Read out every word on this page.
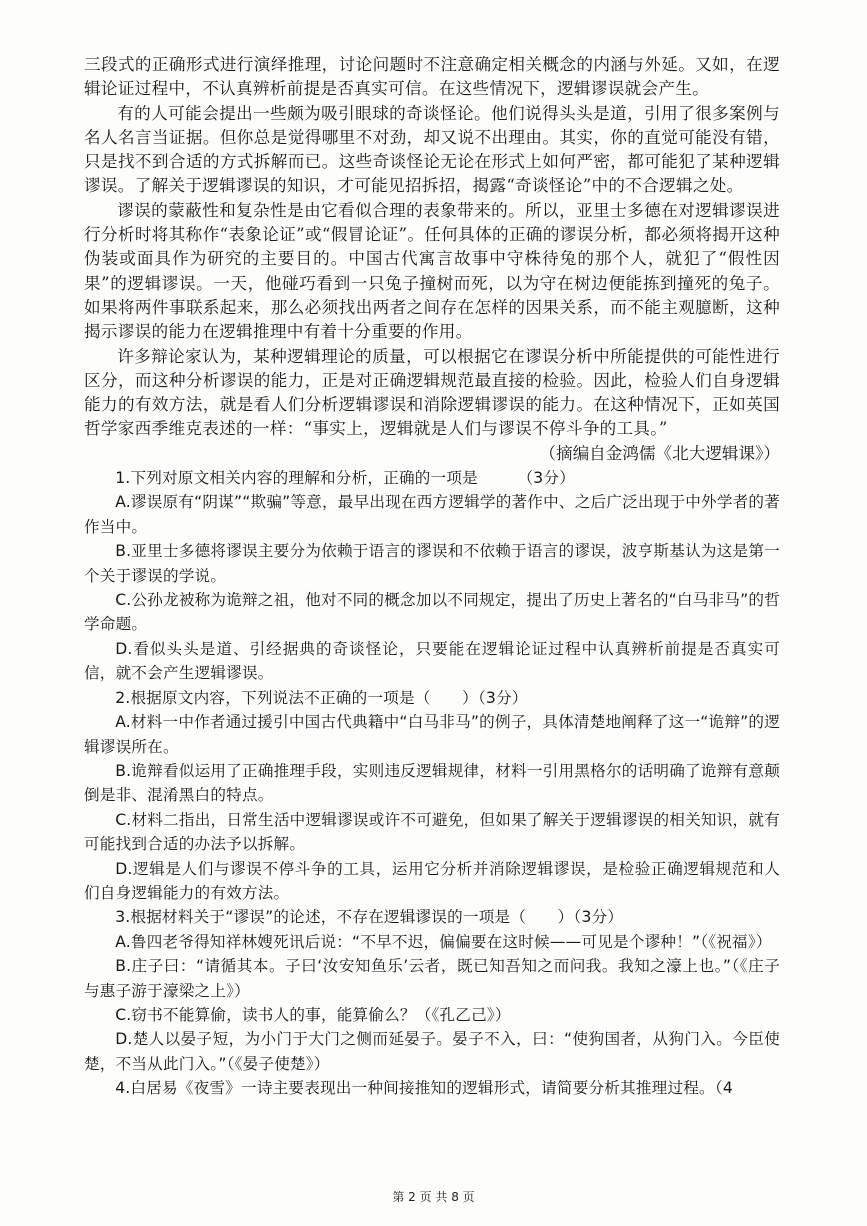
三段式的正确形式进行演绎推理，讨论问题时不注意确定相关概念的内涵与外延。又如，在逻辑论证过程中，不认真辨析前提是否真实可信。在这些情况下，逻辑谬误就会产生。

有的人可能会提出一些颇为吸引眼球的奇谈怪论。他们说得头头是道，引用了很多案例与名人名言当证据。但你总是觉得哪里不对劲，却又说不出理由。其实，你的直觉可能没有错，只是找不到合适的方式拆解而已。这些奇谈怪论无论在形式上如何严密，都可能犯了某种逻辑谬误。了解关于逻辑谬误的知识，才可能见招拆招，揭露“奇谈怪论”中的不合逻辑之处。

谬误的蒙蔽性和复杂性是由它看似合理的表象带来的。所以，亚里士多德在对逻辑谬误进行分析时将其称作“表象论证”或“假冒论证”。任何具体的正确的谬误分析，都必须将揭开这种伪装或面具作为研究的主要目的。中国古代寓言故事中守株待兔的那个人，就犯了“假性因果”的逻辑谬误。一天，他碰巧看到一只兔子撞树而死，以为守在树边便能拣到撞死的兔子。如果将两件事联系起来，那么必须找出两者之间存在怎样的因果关系，而不能主观臆断，这种揭示谬误的能力在逻辑推理中有着十分重要的作用。

许多辩论家认为，某种逻辑理论的质量，可以根据它在谬误分析中所能提供的可能性进行区分，而这种分析谬误的能力，正是对正确逻辑规范最直接的检验。因此，检验人们自身逻辑能力的有效方法，就是看人们分析逻辑谬误和消除逻辑谬误的能力。在这种情况下，正如英国哲学家西季维克表述的一样：“事实上，逻辑就是人们与谬误不停斗争的工具。”

（摘编自金鸿儒《北大逻辑课》）

1.下列对原文相关内容的理解和分析，正确的一项是　　　（3分）

A.谬误原有“阴谋”“欺骗”等意，最早出现在西方逻辑学的著作中、之后广泛出现于中外学者的著作当中。

B.亚里士多德将谬误主要分为依赖于语言的谬误和不依赖于语言的谬误，波亨斯基认为这是第一个关于谬误的学说。

C.公孙龙被称为诡辩之祖，他对不同的概念加以不同规定，提出了历史上著名的“白马非马”的哲学命题。

D.看似头头是道、引经据典的奇谈怪论，只要能在逻辑论证过程中认真辨析前提是否真实可信，就不会产生逻辑谬误。

2.根据原文内容，下列说法不正确的一项是（　　）（3分）

A.材料一中作者通过援引中国古代典籍中“白马非马”的例子，具体清楚地阐释了这一“诡辩”的逻辑谬误所在。

B.诡辩看似运用了正确推理手段，实则违反逻辑规律，材料一引用黑格尔的话明确了诡辩有意颠倒是非、混淆黑白的特点。

C.材料二指出，日常生活中逻辑谬误或许不可避免，但如果了解关于逻辑谬误的相关知识，就有可能找到合适的办法予以拆解。

D.逻辑是人们与谬误不停斗争的工具，运用它分析并消除逻辑谬误，是检验正确逻辑规范和人们自身逻辑能力的有效方法。

3.根据材料关于“谬误”的论述，不存在逻辑谬误的一项是（　　）（3分）

A.鲁四老爷得知祥林嫂死讯后说：“不早不迟，偏偏要在这时候——可见是个谬种！”（《祝福》）

B.庄子曰：“请循其本。子曰‘汝安知鱼乐’云者，既已知吾知之而问我。我知之濠上也。”（《庄子与惠子游于濠梁之上》）

C.窃书不能算偷，读书人的事，能算偷么？（《孔乙己》）

D.楚人以晏子短，为小门于大门之侧而延晏子。晏子不入，曰：“使狗国者，从狗门入。今臣使楚，不当从此门入。”（《晏子使楚》）

4.白居易《夜雪》一诗主要表现出一种间接推知的逻辑形式，请简要分析其推理过程。（4

第 2 页 共 8 页
